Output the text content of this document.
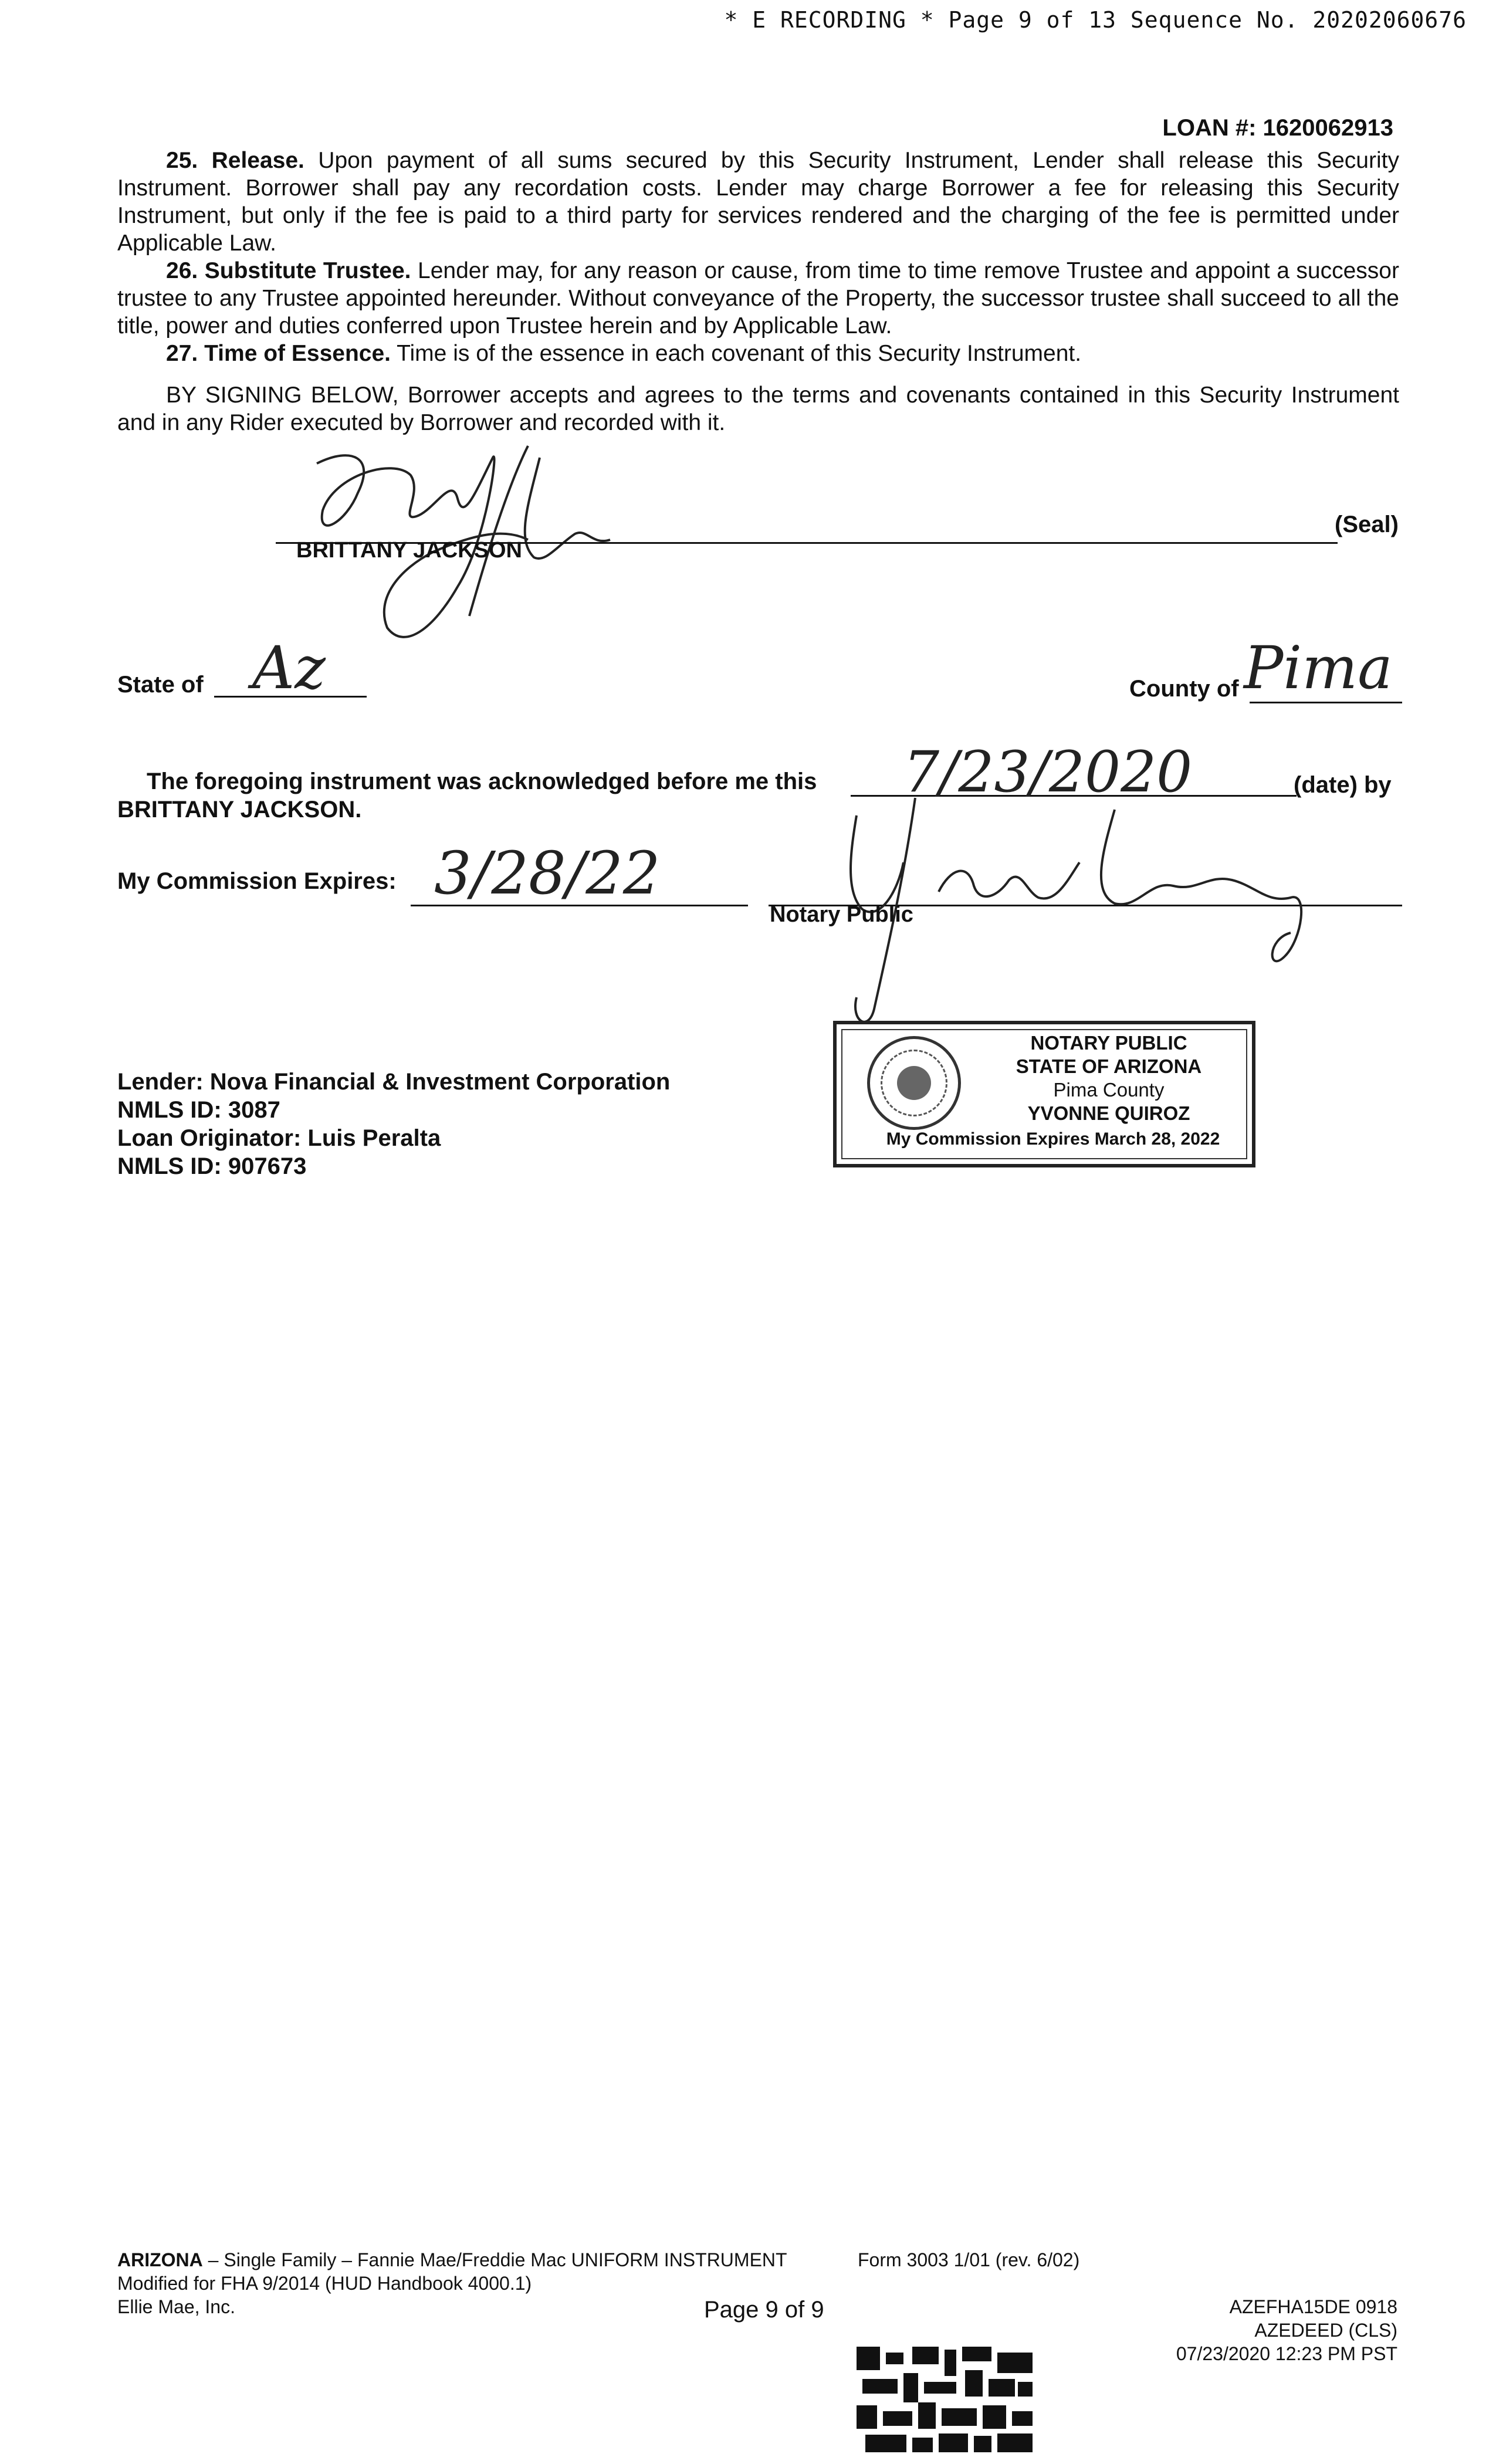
* E RECORDING * Page 9 of 13 Sequence No. 20202060676
LOAN #: 1620062913

25. Release. Upon payment of all sums secured by this Security Instrument, Lender shall release this Security Instrument. Borrower shall pay any recordation costs. Lender may charge Borrower a fee for releasing this Security Instrument, but only if the fee is paid to a third party for services rendered and the charging of the fee is permitted under Applicable Law.

26. Substitute Trustee. Lender may, for any reason or cause, from time to time remove Trustee and appoint a successor trustee to any Trustee appointed hereunder. Without conveyance of the Property, the successor trustee shall succeed to all the title, power and duties conferred upon Trustee herein and by Applicable Law.

27. Time of Essence. Time is of the essence in each covenant of this Security Instrument.

BY SIGNING BELOW, Borrower accepts and agrees to the terms and covenants contained in this Security Instrument and in any Rider executed by Borrower and recorded with it.

(Seal)
BRITTANY JACKSON
State of Az	County of Pima
The foregoing instrument was acknowledged before me this 7/23/2020	(date) by
BRITTANY JACKSON.
My Commission Expires: 3/28/22
Notary Public
NOTARY PUBLIC
STATE OF ARIZONA
Pima County
YVONNE QUIROZ
My Commission Expires March 28, 2022
Lender: Nova Financial & Investment Corporation
NMLS ID: 3087
Loan Originator: Luis Peralta
NMLS ID: 907673
ARIZONA – Single Family – Fannie Mae/Freddie Mac UNIFORM INSTRUMENT
Modified for FHA 9/2014 (HUD Handbook 4000.1)
Ellie Mae, Inc.
Form 3003 1/01 (rev. 6/02)
Page 9 of 9	AZEFHA15DE 0918
AZEDEED (CLS)
07/23/2020 12:23 PM PST
